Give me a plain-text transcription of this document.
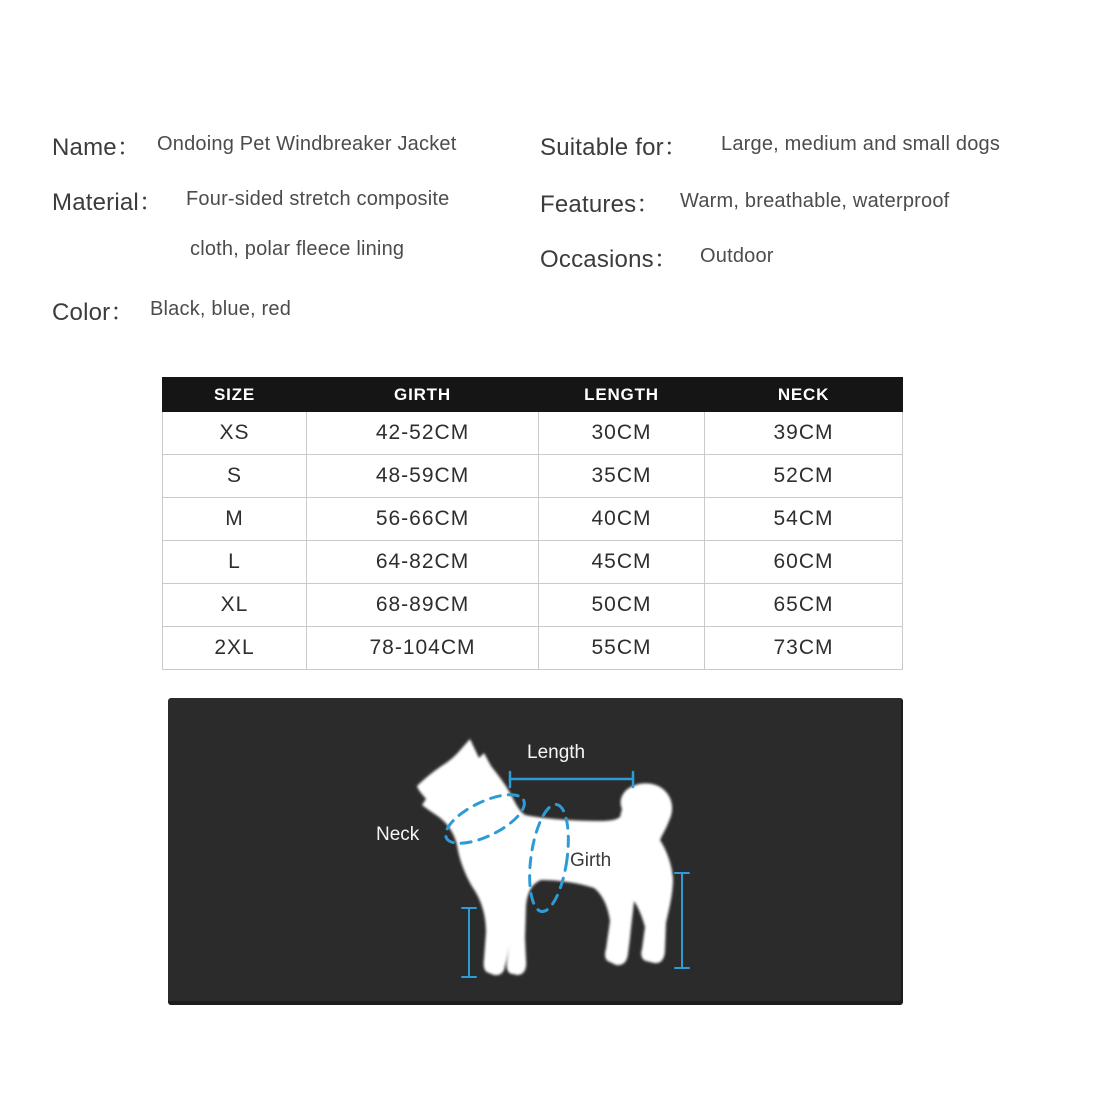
Name： Ondoing Pet Windbreaker Jacket	Suitable for： Large, medium and small dogs
Material： Four-sided stretch composite
cloth, polar fleece lining
Features： Warm, breathable, waterproof
Occasions： Outdoor
Color： Black, blue, red
SIZE	GIRTH	LENGTH	NECK
XS	42-52CM	30CM	39CM
S	48-59CM	35CM	52CM
M	56-66CM	40CM	54CM
L	64-82CM	45CM	60CM
XL	68-89CM	50CM	65CM
2XL	78-104CM	55CM	73CM
Length
Neck
Girth
